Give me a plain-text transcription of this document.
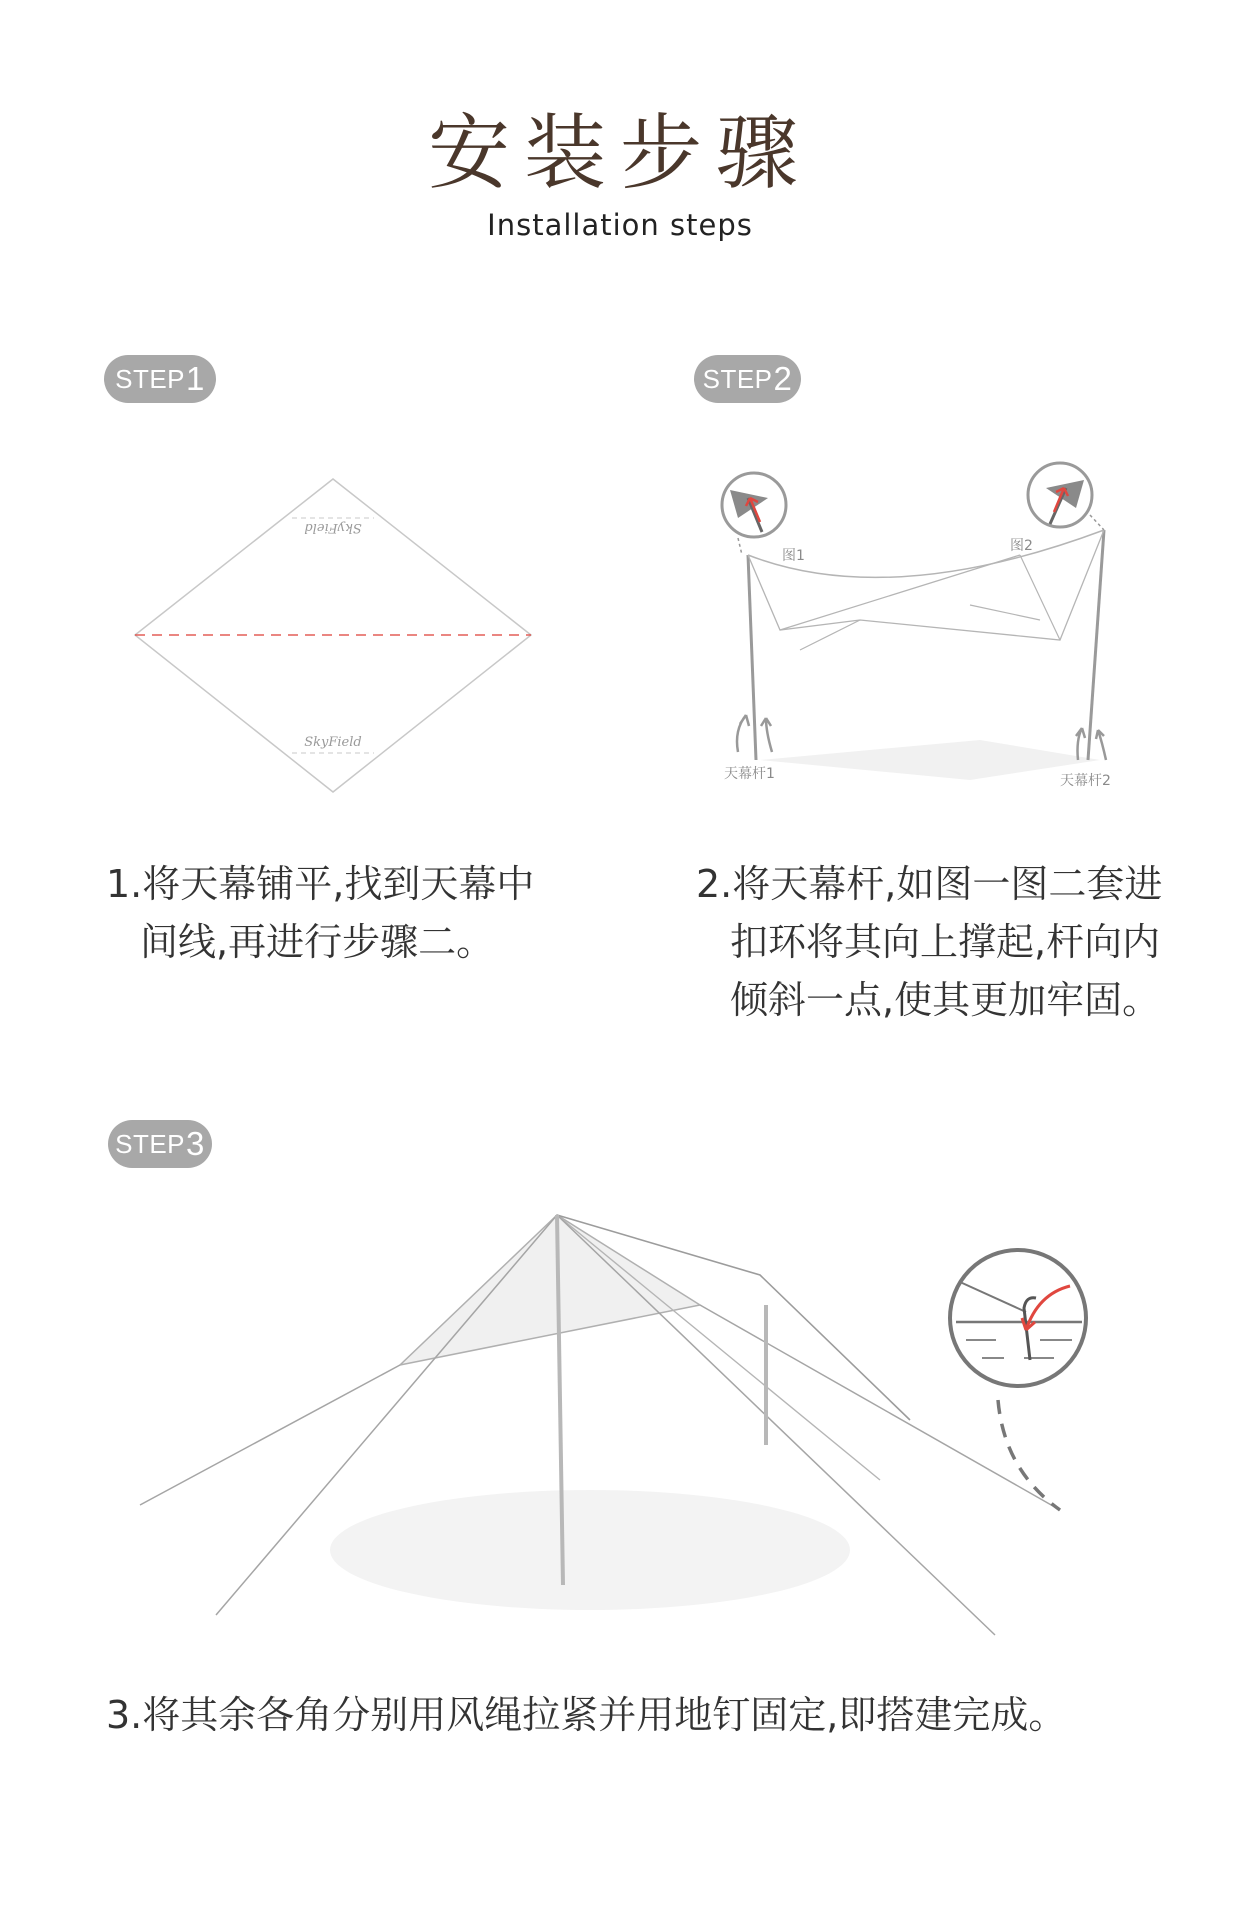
安装步骤
Installation steps
STEP 1	STEP 2
SkyField
SkyField
图1
图2
天幕杆1	天幕杆2
1.将天幕铺平,找到天幕中
间线,再进行步骤二。
2.将天幕杆,如图一图二套进
扣环将其向上撑起,杆向内
倾斜一点,使其更加牢固。
STEP 3
3.将其余各角分别用风绳拉紧并用地钉固定,即搭建完成。
